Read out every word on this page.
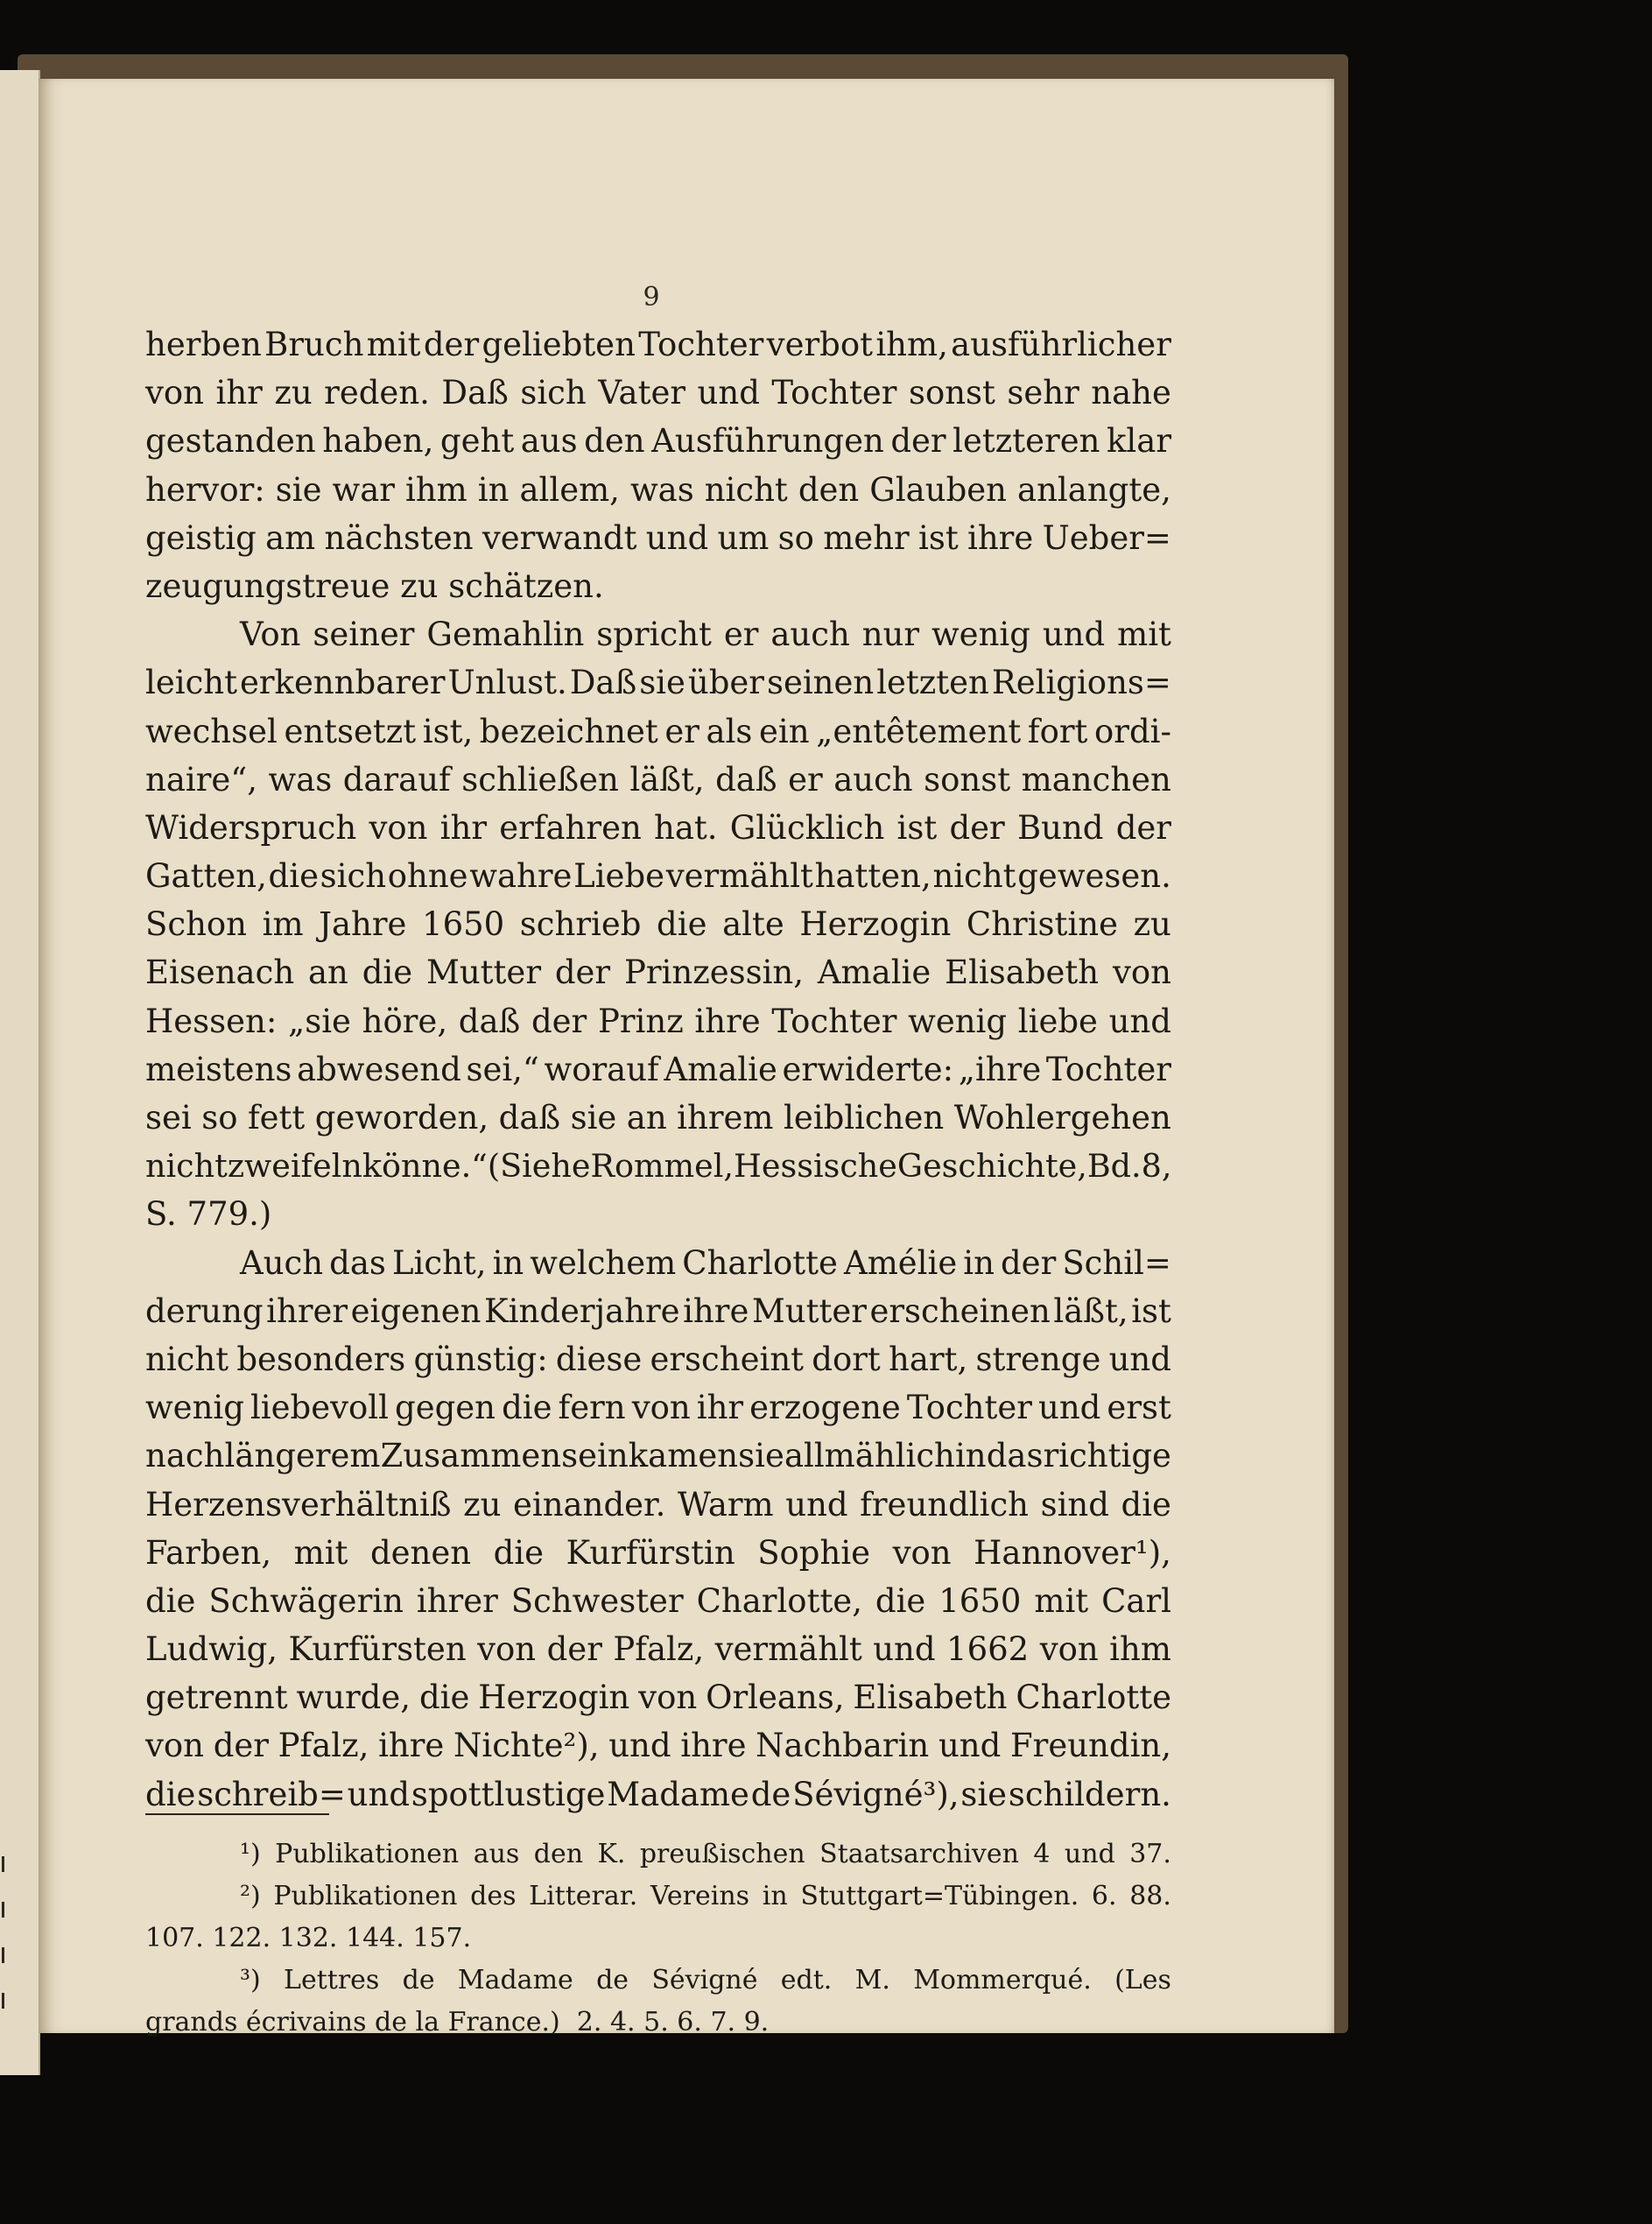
9
herben Bruch mit der geliebten Tochter verbot ihm, ausführlicher
von ihr zu reden. Daß sich Vater und Tochter sonst sehr nahe
gestanden haben, geht aus den Ausführungen der letzteren klar
hervor: sie war ihm in allem, was nicht den Glauben anlangte,
geistig am nächsten verwandt und um so mehr ist ihre Ueber=
zeugungstreue zu schätzen.
Von seiner Gemahlin spricht er auch nur wenig und mit
leicht erkennbarer Unlust. Daß sie über seinen letzten Religions=
wechsel entsetzt ist, bezeichnet er als ein „entêtement fort ordi-
naire“, was darauf schließen läßt, daß er auch sonst manchen
Widerspruch von ihr erfahren hat. Glücklich ist der Bund der
Gatten, die sich ohne wahre Liebe vermählt hatten, nicht gewesen.
Schon im Jahre 1650 schrieb die alte Herzogin Christine zu
Eisenach an die Mutter der Prinzessin, Amalie Elisabeth von
Hessen: „sie höre, daß der Prinz ihre Tochter wenig liebe und
meistens abwesend sei,“ worauf Amalie erwiderte: „ihre Tochter
sei so fett geworden, daß sie an ihrem leiblichen Wohlergehen
nicht zweifeln könne.“ (Siehe Rommel, Hessische Geschichte, Bd. 8,
S. 779.)
Auch das Licht, in welchem Charlotte Amélie in der Schil=
derung ihrer eigenen Kinderjahre ihre Mutter erscheinen läßt, ist
nicht besonders günstig: diese erscheint dort hart, strenge und
wenig liebevoll gegen die fern von ihr erzogene Tochter und erst
nach längerem Zusammensein kamen sie allmählich in das richtige
Herzensverhältniß zu einander. Warm und freundlich sind die
Farben, mit denen die Kurfürstin Sophie von Hannover¹),
die Schwägerin ihrer Schwester Charlotte, die 1650 mit Carl
Ludwig, Kurfürsten von der Pfalz, vermählt und 1662 von ihm
getrennt wurde, die Herzogin von Orleans, Elisabeth Charlotte
von der Pfalz, ihre Nichte²), und ihre Nachbarin und Freundin,
die schreib= und spottlustige Madame de Sévigné³), sie schildern.
¹) Publikationen aus den K. preußischen Staatsarchiven 4 und 37.
²) Publikationen des Litterar. Vereins in Stuttgart=Tübingen. 6. 88.
107. 122. 132. 144. 157.
³) Lettres de Madame de Sévigné edt. M. Mommerqué. (Les
grands écrivains de la France.)  2. 4. 5. 6. 7. 9.
